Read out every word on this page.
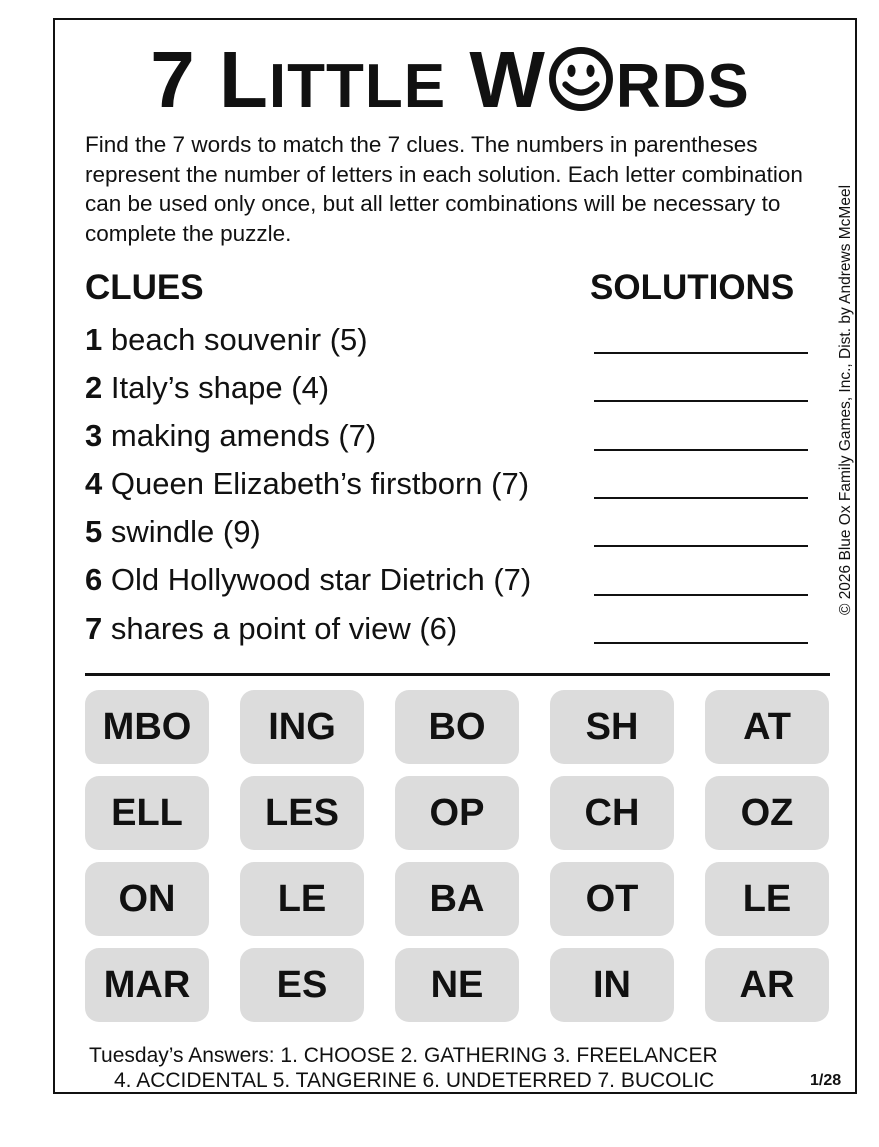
7 LITTLE W RDS
Find the 7 words to match the 7 clues. The numbers in parentheses represent the number of letters in each solution. Each letter combination can be used only once, but all letter combinations will be necessary to complete the puzzle.
CLUES	SOLUTIONS
1 beach souvenir (5)
2 Italy’s shape (4)
3 making amends (7)
4 Queen Elizabeth’s firstborn (7)
5 swindle (9)
6 Old Hollywood star Dietrich (7)
7 shares a point of view (6)
© 2026 Blue Ox Family Games, Inc., Dist. by Andrews McMeel
MBO	ING	BO	SH	AT
ELL	LES	OP	CH	OZ
ON	LE	BA	OT	LE
MAR	ES	NE	IN	AR
Tuesday’s Answers: 1. CHOOSE 2. GATHERING 3. FREELANCER
4. ACCIDENTAL 5. TANGERINE 6. UNDETERRED 7. BUCOLIC	1/28
